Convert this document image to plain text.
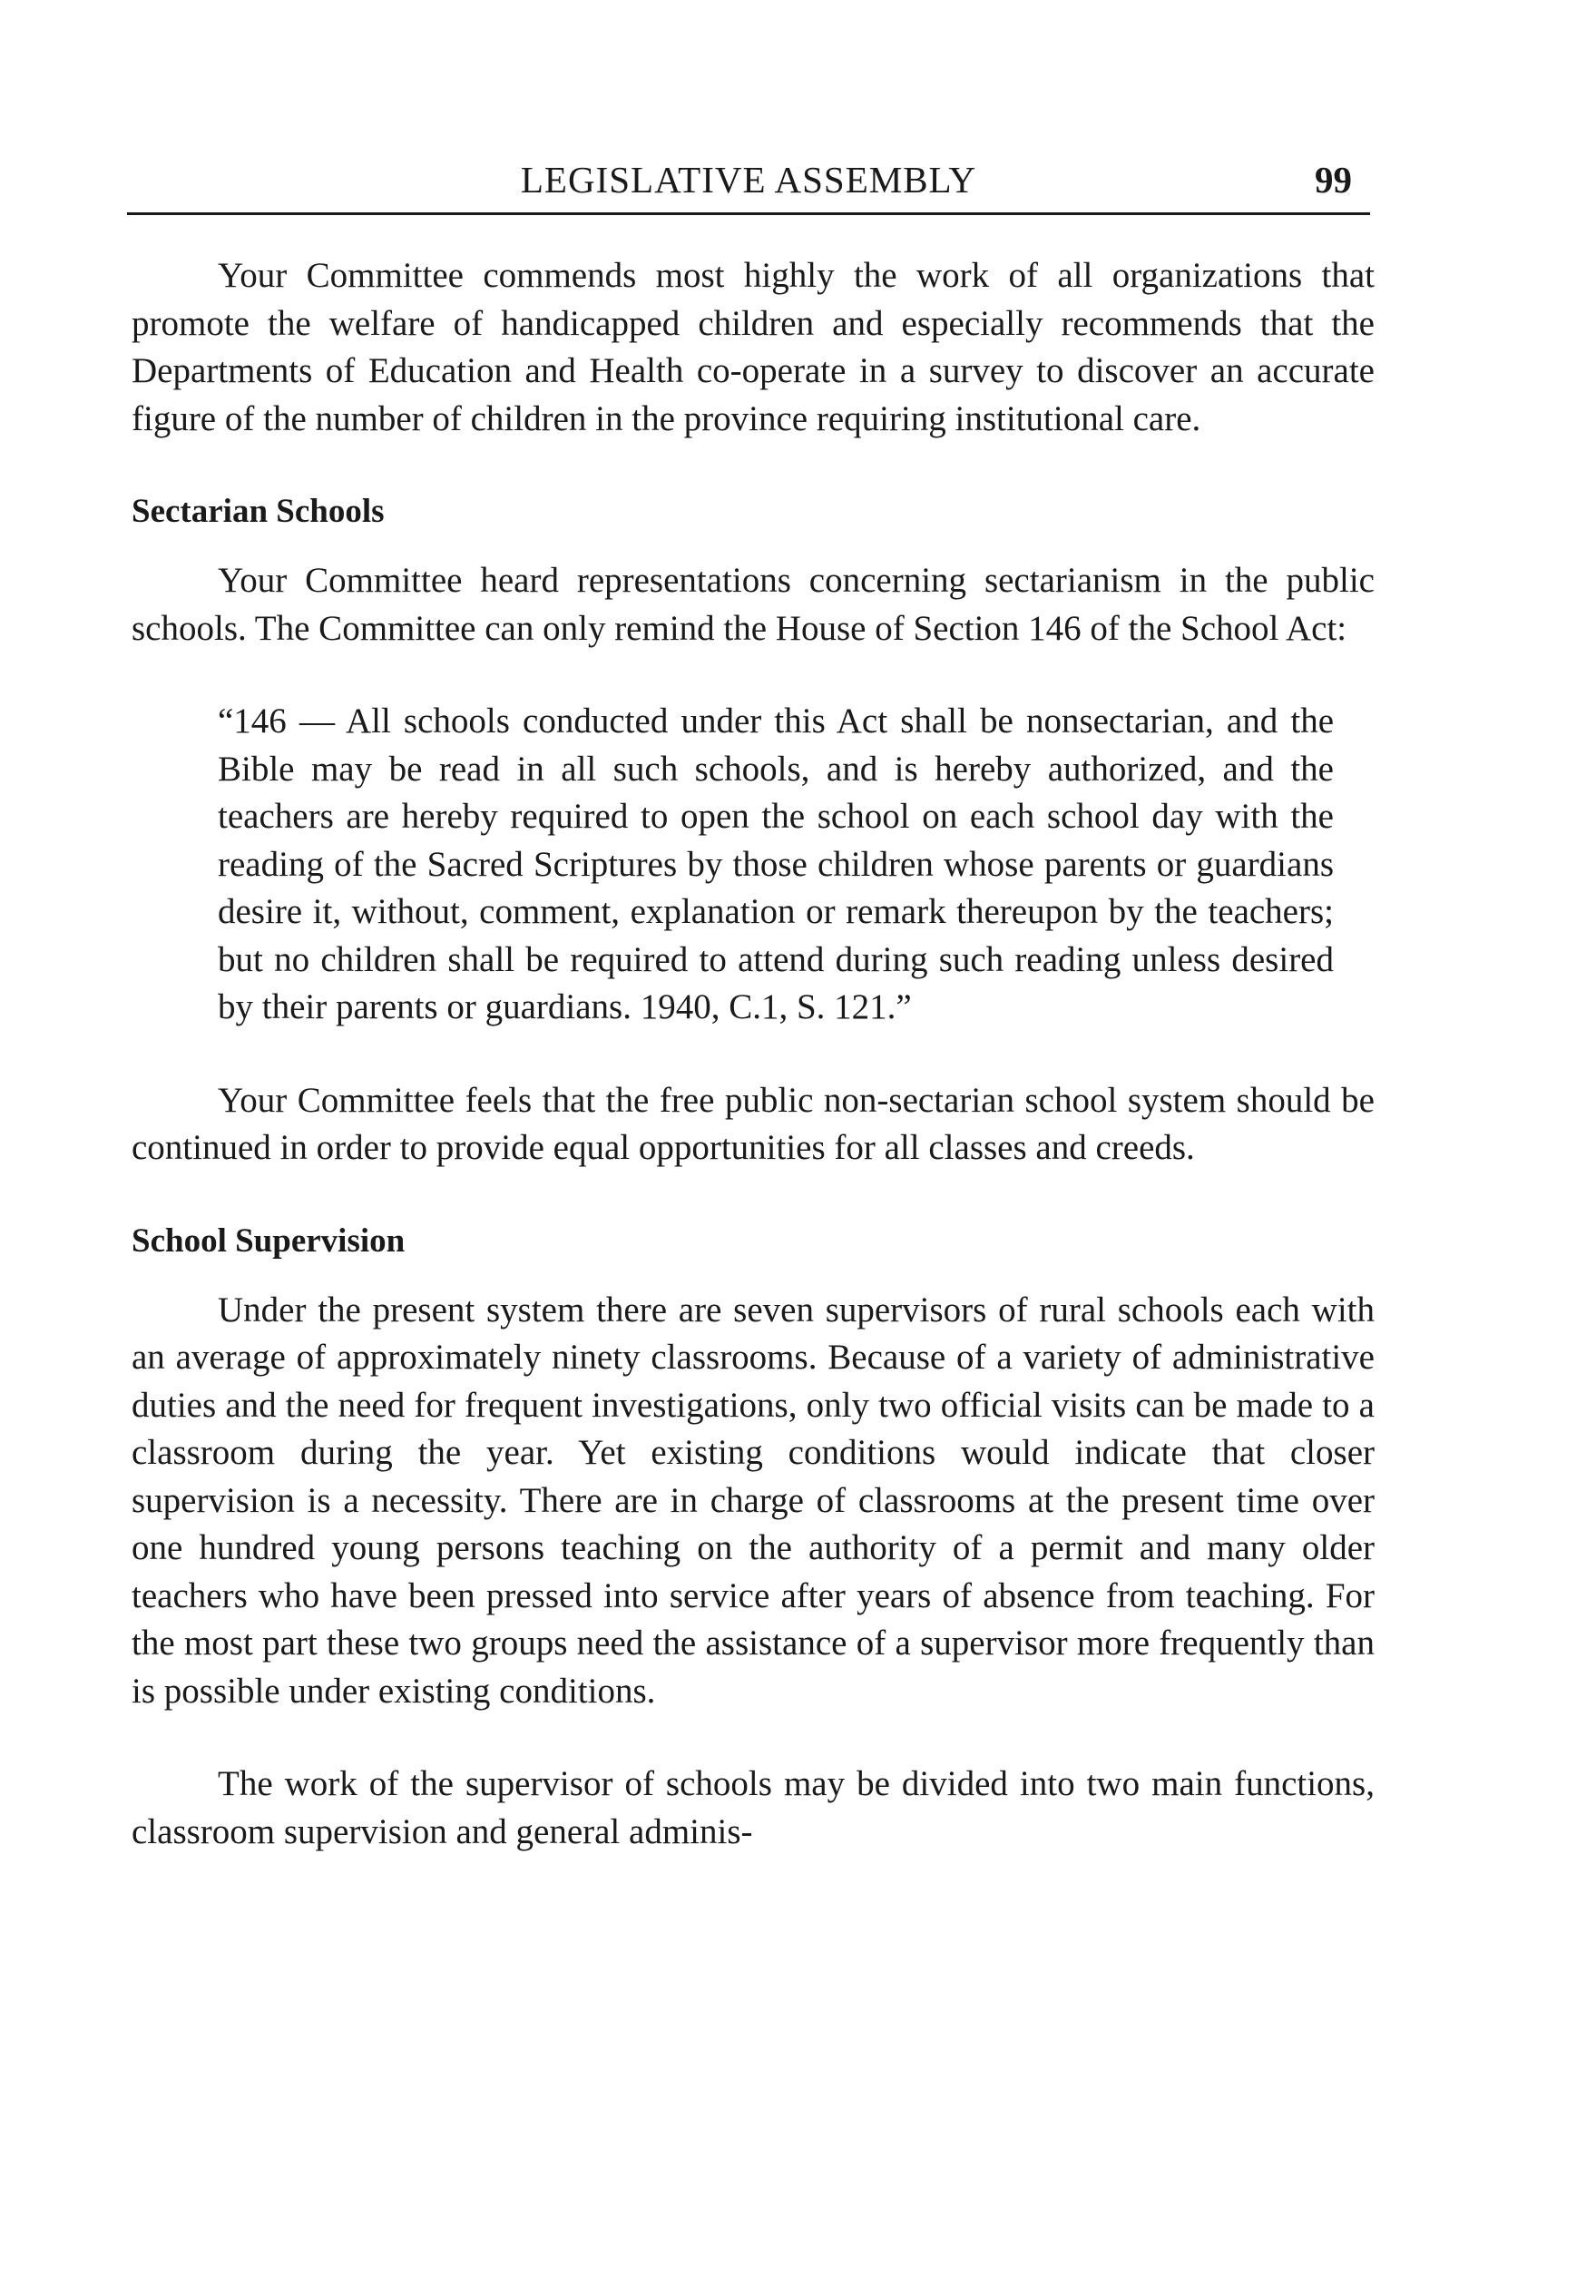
LEGISLATIVE ASSEMBLY	99

Your Committee commends most highly the work of all organizations that promote the welfare of handicapped children and especially recommends that the Departments of Education and Health co-operate in a survey to discover an accurate figure of the number of children in the province requiring institutional care.

Sectarian Schools

Your Committee heard representations concerning sectarianism in the public schools. The Committee can only remind the House of Section 146 of the School Act:

“146 — All schools conducted under this Act shall be nonsectarian, and the Bible may be read in all such schools, and is hereby authorized, and the teachers are hereby required to open the school on each school day with the reading of the Sacred Scriptures by those children whose parents or guardians desire it, without, comment, explanation or remark thereupon by the teachers; but no children shall be required to attend during such reading unless desired by their parents or guardians. 1940, C.1, S. 121.”

Your Committee feels that the free public non-sectarian school system should be continued in order to provide equal opportunities for all classes and creeds.

School Supervision

Under the present system there are seven supervisors of rural schools each with an average of approximately ninety classrooms. Because of a variety of administrative duties and the need for frequent investigations, only two official visits can be made to a classroom during the year. Yet existing conditions would indicate that closer supervision is a necessity. There are in charge of classrooms at the present time over one hundred young persons teaching on the authority of a permit and many older teachers who have been pressed into service after years of absence from teaching. For the most part these two groups need the assistance of a supervisor more frequently than is possible under existing conditions.

The work of the supervisor of schools may be divided into two main functions, classroom supervision and general adminis-
